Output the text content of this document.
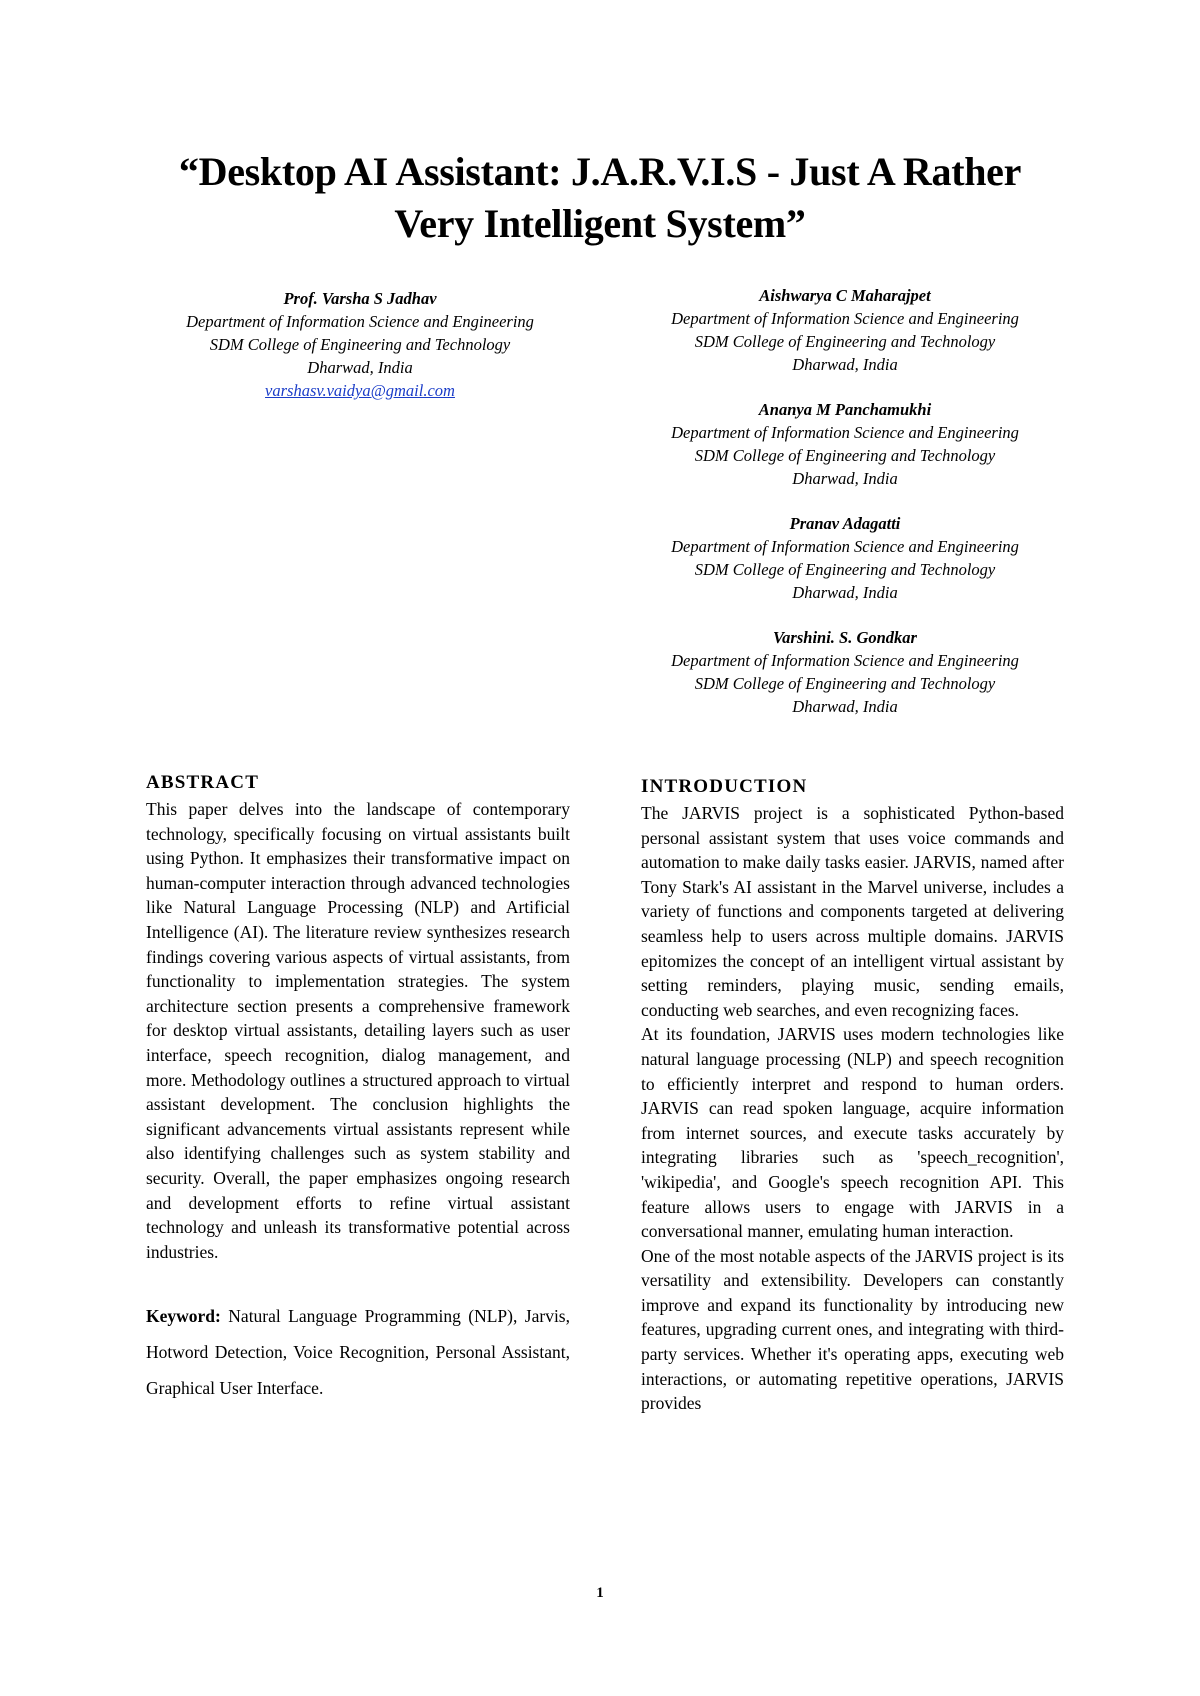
“Desktop AI Assistant: J.A.R.V.I.S - Just A Rather
Very Intelligent System”
Prof. Varsha S Jadhav
Department of Information Science and Engineering
SDM College of Engineering and Technology
Dharwad, India
varshasv.vaidya@gmail.com
Aishwarya C Maharajpet
Department of Information Science and Engineering
SDM College of Engineering and Technology
Dharwad, India
Ananya M Panchamukhi
Department of Information Science and Engineering
SDM College of Engineering and Technology
Dharwad, India
Pranav Adagatti
Department of Information Science and Engineering
SDM College of Engineering and Technology
Dharwad, India
Varshini. S. Gondkar
Department of Information Science and Engineering
SDM College of Engineering and Technology
Dharwad, India
ABSTRACT
This paper delves into the landscape of contemporary technology, specifically focusing on virtual assistants built using Python. It emphasizes their transformative impact on human-computer interaction through advanced technologies like Natural Language Processing (NLP) and Artificial Intelligence (AI). The literature review synthesizes research findings covering various aspects of virtual assistants, from functionality to implementation strategies. The system architecture section presents a comprehensive framework for desktop virtual assistants, detailing layers such as user interface, speech recognition, dialog management, and more. Methodology outlines a structured approach to virtual assistant development. The conclusion highlights the significant advancements virtual assistants represent while also identifying challenges such as system stability and security. Overall, the paper emphasizes ongoing research and development efforts to refine virtual assistant technology and unleash its transformative potential across industries.
Keyword: Natural Language Programming (NLP), Jarvis, Hotword Detection, Voice Recognition, Personal Assistant, Graphical User Interface.
INTRODUCTION
The JARVIS project is a sophisticated Python-based personal assistant system that uses voice commands and automation to make daily tasks easier. JARVIS, named after Tony Stark's AI assistant in the Marvel universe, includes a variety of functions and components targeted at delivering seamless help to users across multiple domains. JARVIS epitomizes the concept of an intelligent virtual assistant by setting reminders, playing music, sending emails, conducting web searches, and even recognizing faces.
At its foundation, JARVIS uses modern technologies like natural language processing (NLP) and speech recognition to efficiently interpret and respond to human orders. JARVIS can read spoken language, acquire information from internet sources, and execute tasks accurately by integrating libraries such as 'speech_recognition', 'wikipedia', and Google's speech recognition API. This feature allows users to engage with JARVIS in a conversational manner, emulating human interaction.
One of the most notable aspects of the JARVIS project is its versatility and extensibility. Developers can constantly improve and expand its functionality by introducing new features, upgrading current ones, and integrating with third-party services. Whether it's operating apps, executing web interactions, or automating repetitive operations, JARVIS provides
1
